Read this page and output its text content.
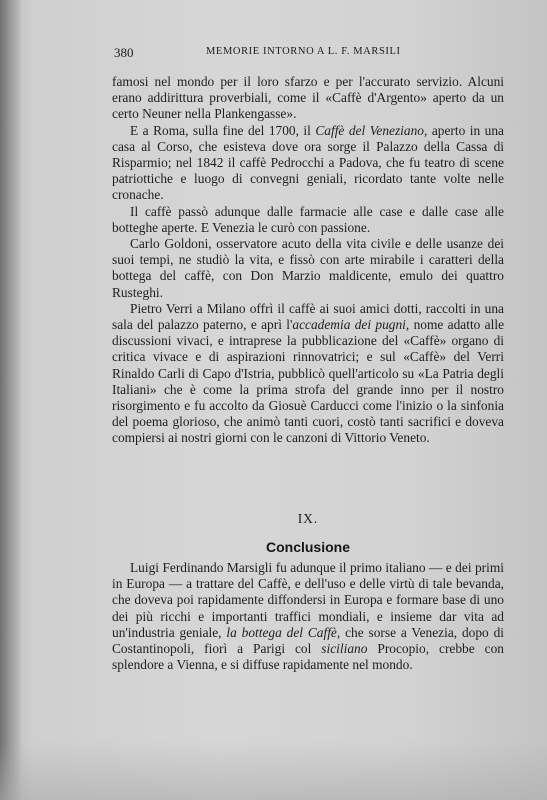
380	MEMORIE INTORNO A L. F. MARSILI

famosi nel mondo per il loro sfarzo e per l'accurato servizio. Alcuni erano addirittura proverbiali, come il «Caffè d'Argento» aperto da un certo Neuner nella Plankengasse».

E a Roma, sulla fine del 1700, il Caffè del Veneziano, aperto in una casa al Corso, che esisteva dove ora sorge il Palazzo della Cassa di Risparmio; nel 1842 il caffè Pedrocchi a Padova, che fu teatro di scene patriottiche e luogo di convegni geniali, ricordato tante volte nelle cronache.

Il caffè passò adunque dalle farmacie alle case e dalle case alle botteghe aperte. E Venezia le curò con passione.

Carlo Goldoni, osservatore acuto della vita civile e delle usanze dei suoi tempi, ne studiò la vita, e fissò con arte mirabile i caratteri della bottega del caffè, con Don Marzio maldicente, emulo dei quattro Rusteghi.

Pietro Verri a Milano offrì il caffè ai suoi amici dotti, raccolti in una sala del palazzo paterno, e aprì l'accademia dei pugni, nome adatto alle discussioni vivaci, e intraprese la pubblicazione del «Caffè» organo di critica vivace e di aspirazioni rinnovatrici; e sul «Caffè» del Verri Rinaldo Carli di Capo d'Istria, pubblicò quell'articolo su «La Patria degli Italiani» che è come la prima strofa del grande inno per il nostro risorgimento e fu accolto da Giosuè Carducci come l'inizio o la sinfonia del poema glorioso, che animò tanti cuori, costò tanti sacrifici e doveva compiersi ai nostri giorni con le canzoni di Vittorio Veneto.

IX.
Conclusione

Luigi Ferdinando Marsigli fu adunque il primo italiano — e dei primi in Europa — a trattare del Caffè, e dell'uso e delle virtù di tale bevanda, che doveva poi rapidamente diffondersi in Europa e formare base di uno dei più ricchi e importanti traffici mondiali, e insieme dar vita ad un'industria geniale, la bottega del Caffè, che sorse a Venezia, dopo di Costantinopoli, fiorì a Parigi col siciliano Procopio, crebbe con splendore a Vienna, e si diffuse rapidamente nel mondo.
